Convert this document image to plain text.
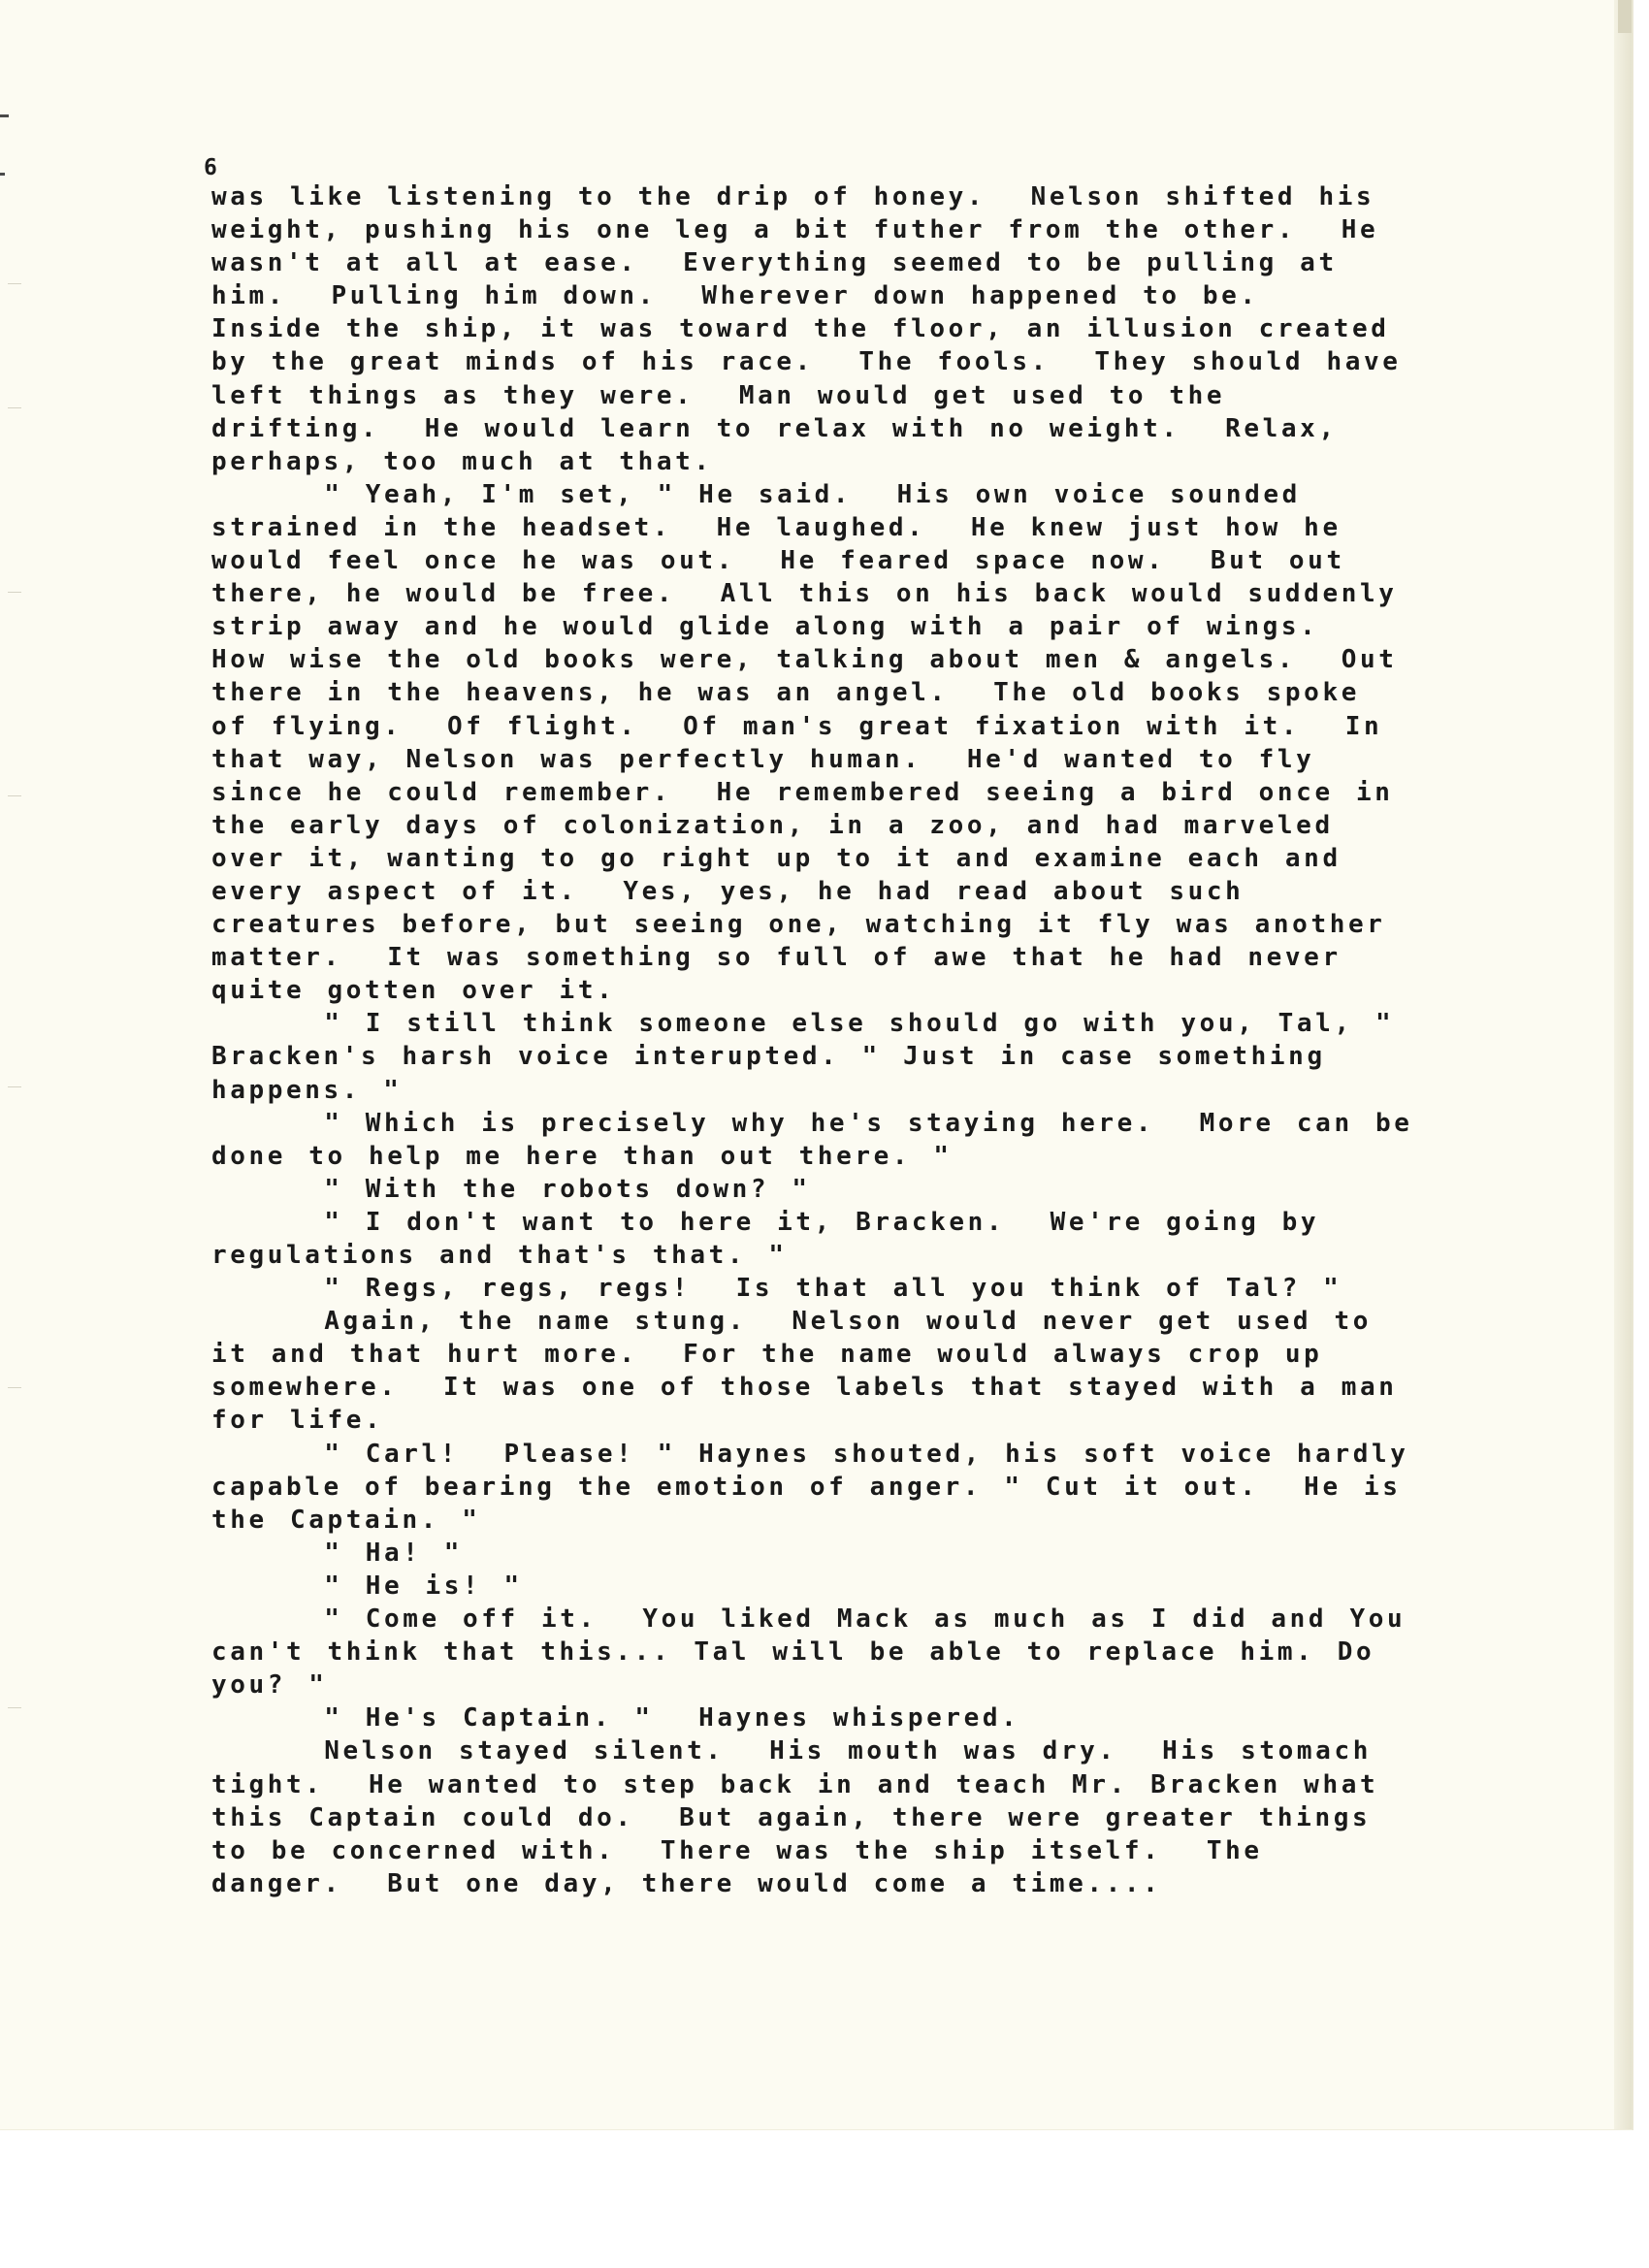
6

was like listening to the drip of honey.  Nelson shifted his
weight, pushing his one leg a bit futher from the other.  He
wasn't at all at ease.  Everything seemed to be pulling at
him.  Pulling him down.  Wherever down happened to be.
Inside the ship, it was toward the floor, an illusion created
by the great minds of his race.  The fools.  They should have
left things as they were.  Man would get used to the
drifting.  He would learn to relax with no weight.  Relax,
perhaps, too much at that.
" Yeah, I'm set, " He said.  His own voice sounded
strained in the headset.  He laughed.  He knew just how he
would feel once he was out.  He feared space now.  But out
there, he would be free.  All this on his back would suddenly
strip away and he would glide along with a pair of wings.
How wise the old books were, talking about men & angels.  Out
there in the heavens, he was an angel.  The old books spoke
of flying.  Of flight.  Of man's great fixation with it.  In
that way, Nelson was perfectly human.  He'd wanted to fly
since he could remember.  He remembered seeing a bird once in
the early days of colonization, in a zoo, and had marveled
over it, wanting to go right up to it and examine each and
every aspect of it.  Yes, yes, he had read about such
creatures before, but seeing one, watching it fly was another
matter.  It was something so full of awe that he had never
quite gotten over it.
" I still think someone else should go with you, Tal, "
Bracken's harsh voice interupted. " Just in case something
happens. "
" Which is precisely why he's staying here.  More can be
done to help me here than out there. "
" With the robots down? "
" I don't want to here it, Bracken.  We're going by
regulations and that's that. "
" Regs, regs, regs!  Is that all you think of Tal? "
Again, the name stung.  Nelson would never get used to
it and that hurt more.  For the name would always crop up
somewhere.  It was one of those labels that stayed with a man
for life.
" Carl!  Please! " Haynes shouted, his soft voice hardly
capable of bearing the emotion of anger. " Cut it out.  He is
the Captain. "
" Ha! "
" He is! "
" Come off it.  You liked Mack as much as I did and You
can't think that this... Tal will be able to replace him. Do
you? "
" He's Captain. "  Haynes whispered.
Nelson stayed silent.  His mouth was dry.  His stomach
tight.  He wanted to step back in and teach Mr. Bracken what
this Captain could do.  But again, there were greater things
to be concerned with.  There was the ship itself.  The
danger.  But one day, there would come a time....
